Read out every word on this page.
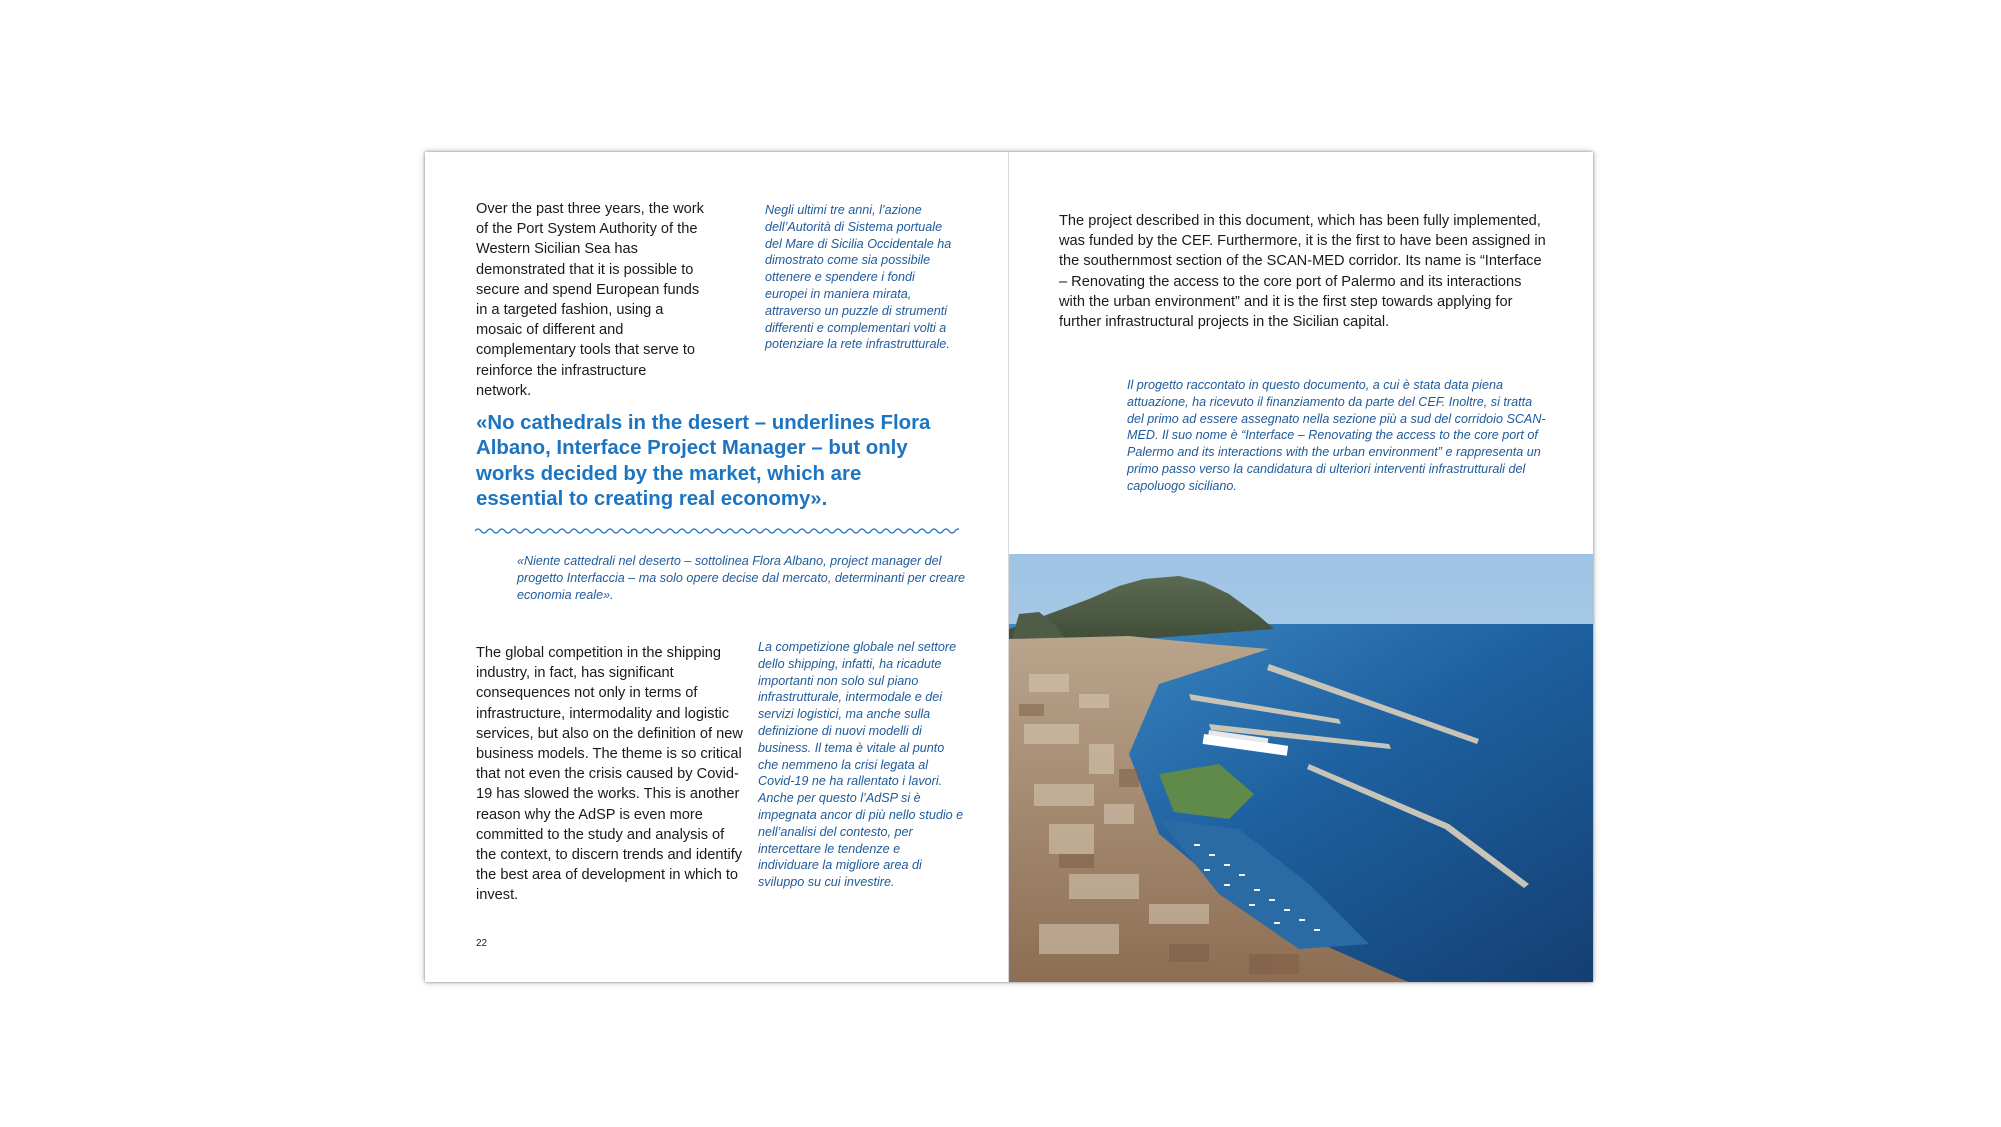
Over the past three years, the work of the Port System Authority of the Western Sicilian Sea has demonstrated that it is possible to secure and spend European funds in a targeted fashion, using a mosaic of different and complementary tools that serve to reinforce the infrastructure network.
Negli ultimi tre anni, l’azione dell’Autorità di Sistema portuale del Mare di Sicilia Occidentale ha dimostrato come sia possibile ottenere e spendere i fondi europei in maniera mirata, attraverso un puzzle di strumenti differenti e complementari volti a potenziare la rete infrastrutturale.
«No cathedrals in the desert – underlines Flora Albano, Interface Project Manager – but only works decided by the market, which are essential to creating real economy».
«Niente cattedrali nel deserto – sottolinea Flora Albano, project manager del progetto Interfaccia – ma solo opere decise dal mercato, determinanti per creare economia reale».
The global competition in the shipping industry, in fact, has significant consequences not only in terms of infrastructure, intermodality and logistic services, but also on the definition of new business models. The theme is so critical that not even the crisis caused by Covid-19 has slowed the works. This is another reason why the AdSP is even more committed to the study and analysis of the context, to discern trends and identify the best area of development in which to invest.
La competizione globale nel settore dello shipping, infatti, ha ricadute importanti non solo sul piano infrastrutturale, intermodale e dei servizi logistici, ma anche sulla definizione di nuovi modelli di business. Il tema è vitale al punto che nemmeno la crisi legata al Covid-19 ne ha rallentato i lavori. Anche per questo l’AdSP si è impegnata ancor di più nello studio e nell’analisi del contesto, per intercettare le tendenze e individuare la migliore area di sviluppo su cui investire.
22
The project described in this document, which has been fully implemented, was funded by the CEF. Furthermore, it is the first to have been assigned in the southernmost section of the SCAN-MED corridor. Its name is “Interface – Renovating the access to the core port of Palermo and its interactions with the urban environment” and it is the first step towards applying for further infrastructural projects in the Sicilian capital.
Il progetto raccontato in questo documento, a cui è stata data piena attuazione, ha ricevuto il finanziamento da parte del CEF. Inoltre, si tratta del primo ad essere assegnato nella sezione più a sud del corridoio SCAN-MED. Il suo nome è “Interface – Renovating the access to the core port of Palermo and its interactions with the urban environment” e rappresenta un primo passo verso la candidatura di ulteriori interventi infrastrutturali del capoluogo siciliano.
